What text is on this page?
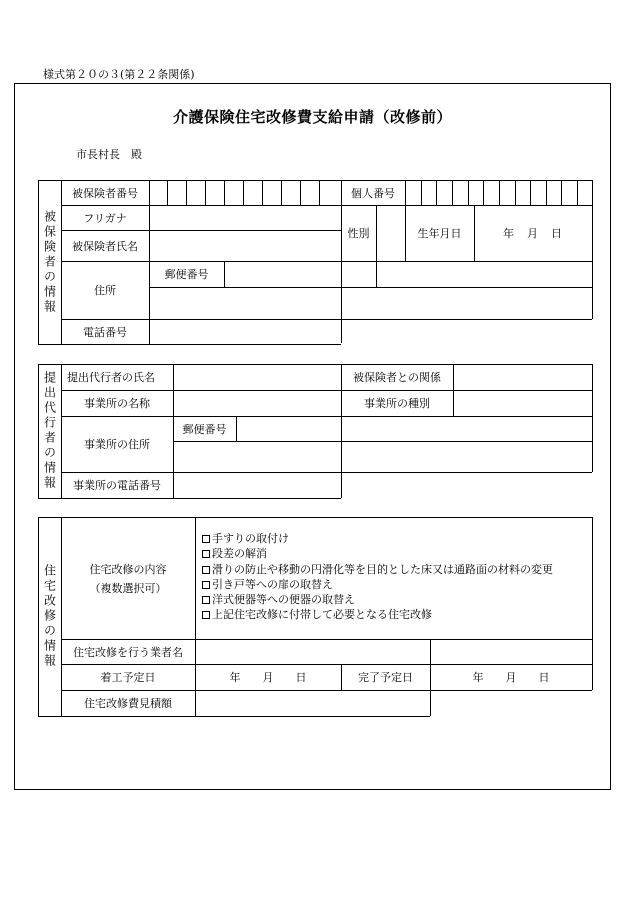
様式第２０の３(第２２条関係)
介護保険住宅改修費支給申請（改修前）
市長村長　殿
被保険者の情報
被保険者番号	個人番号
フリガナ
被保険者氏名
性別	生年月日	年　月　日
住所
郵便番号
電話番号
提出代行者の情報 提出代行者の氏名	被保険者との関係
事業所の名称	事業所の種別
事業所の住所
郵便番号
事業所の電話番号
住宅改修の情報	住宅改修の内容
（複数選択可）
手すりの取付け
段差の解消
滑りの防止や移動の円滑化等を目的とした床又は通路面の材料の変更
引き戸等への扉の取替え
洋式便器等への便器の取替え
上記住宅改修に付帯して必要となる住宅改修
住宅改修を行う業者名
着工予定日	年　　月　　日	完了予定日	年　　月　　日
住宅改修費見積額
